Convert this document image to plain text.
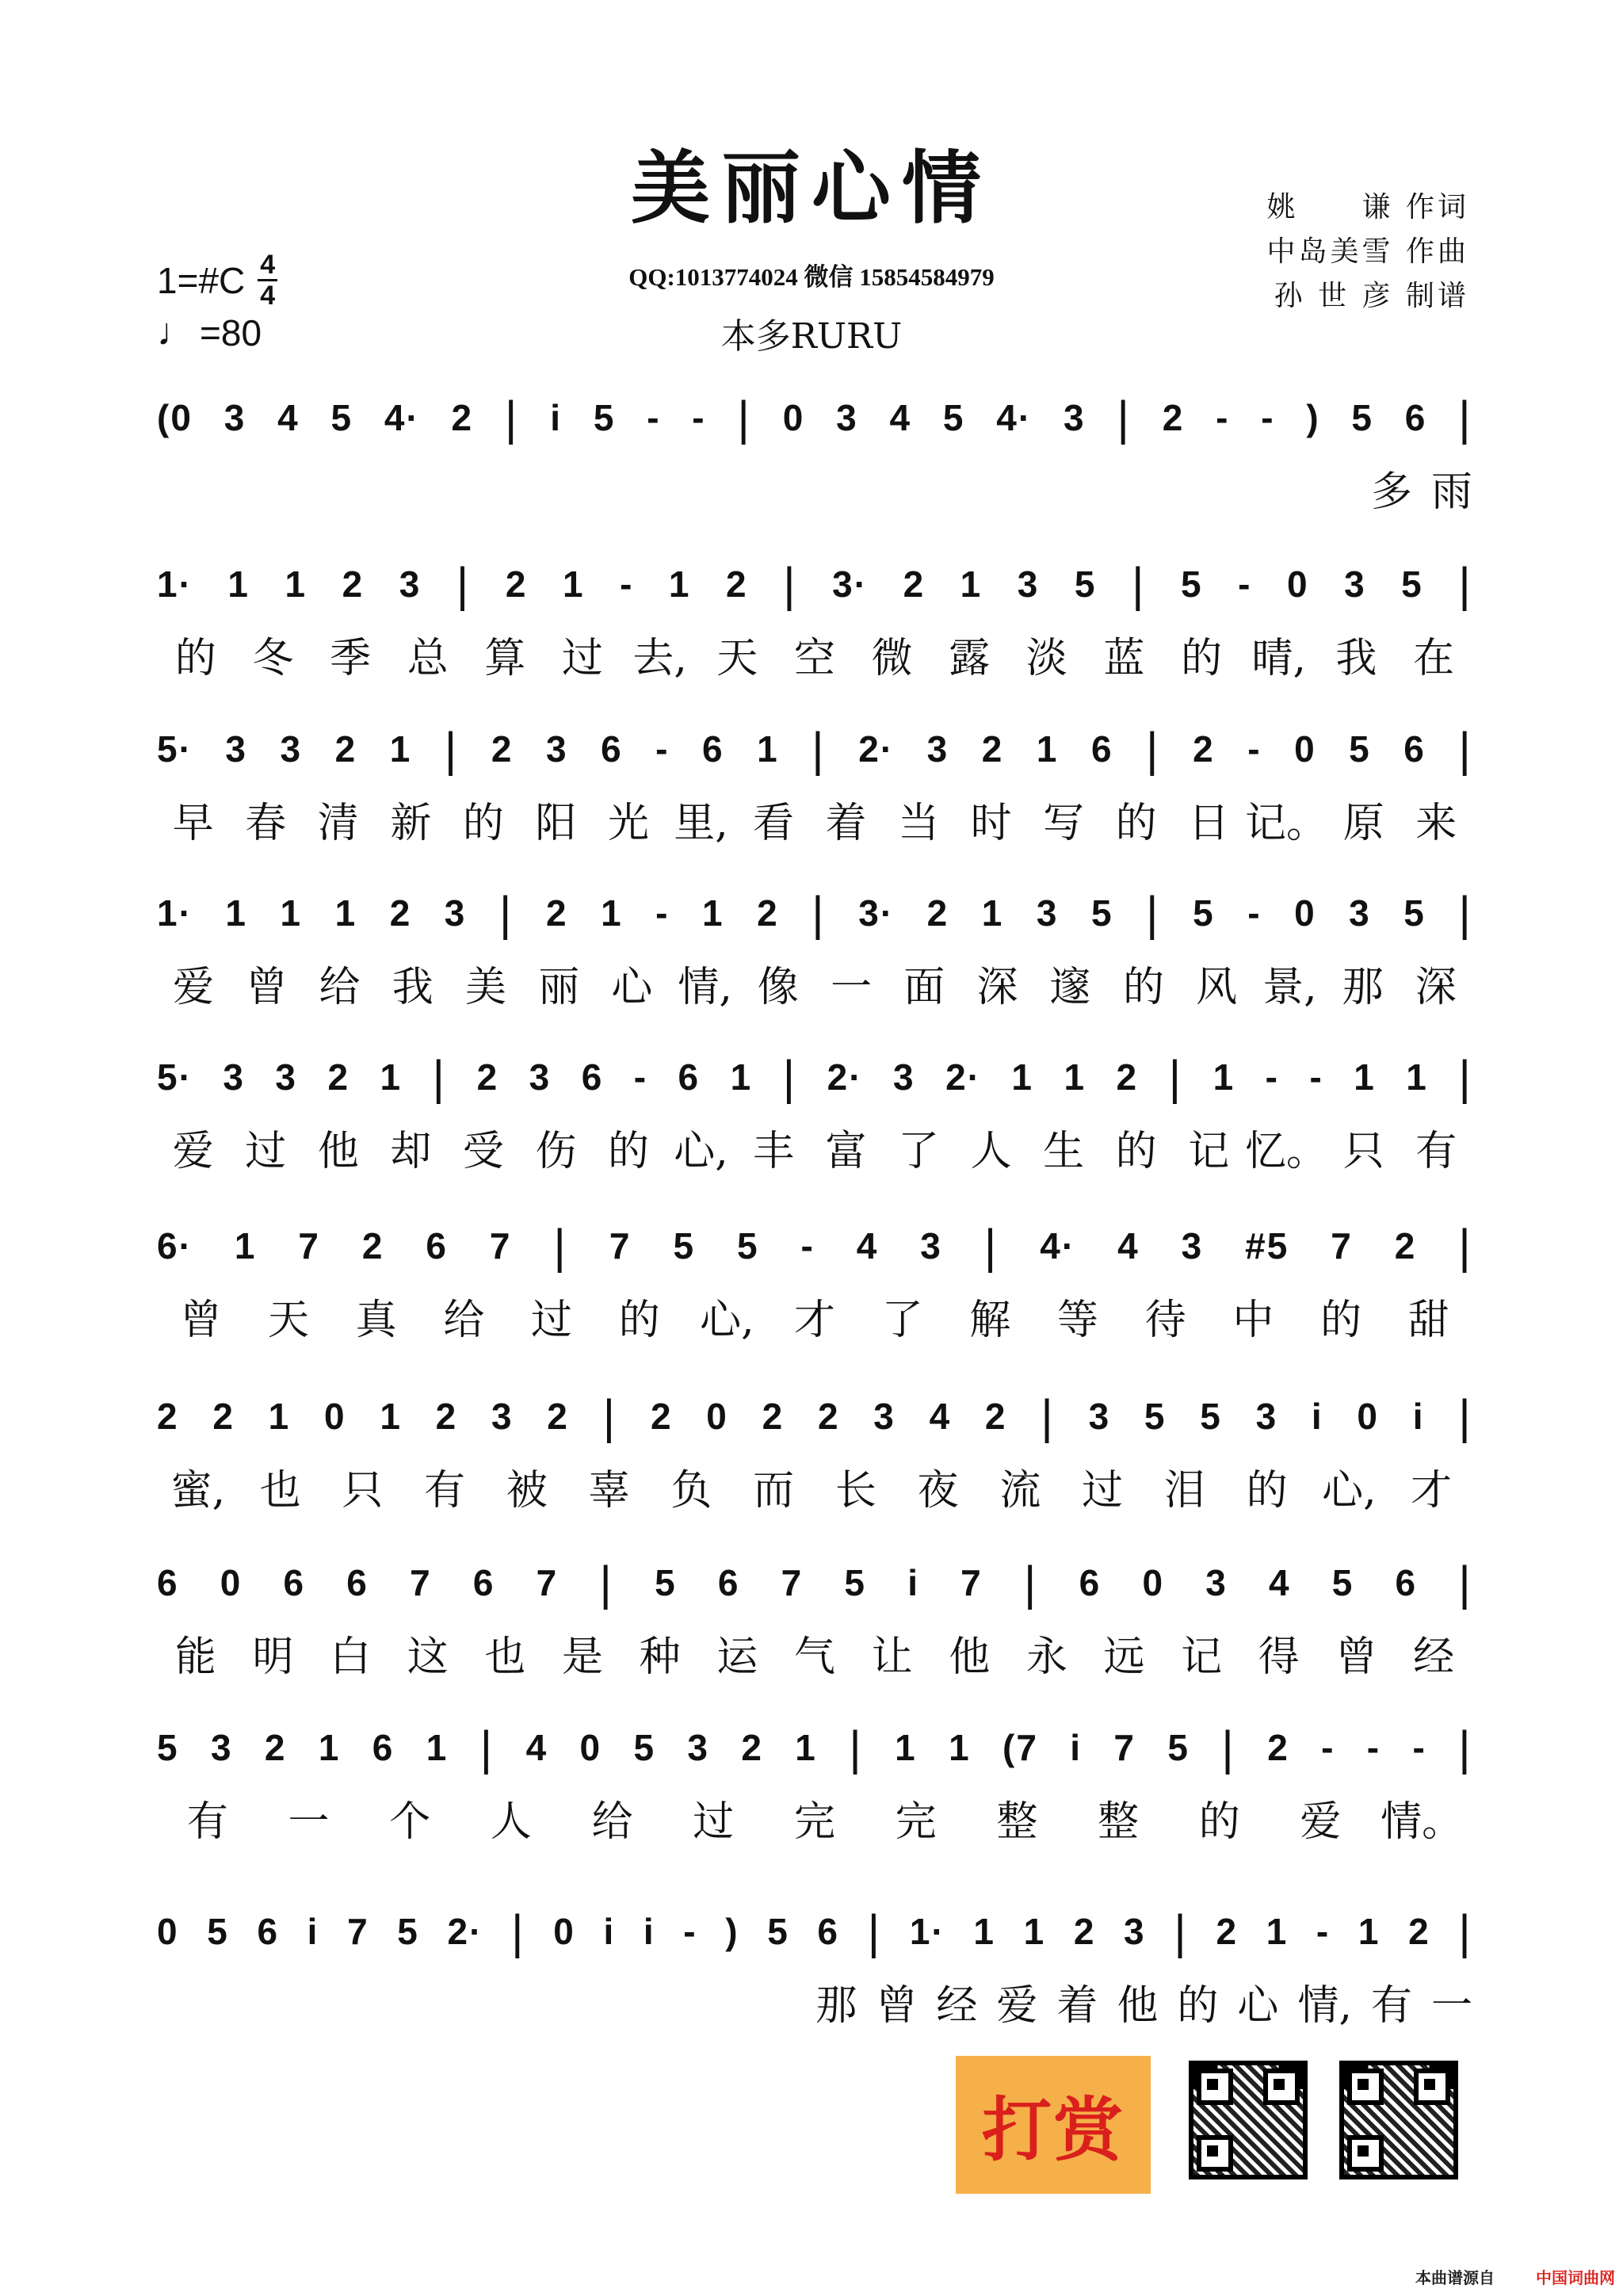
美丽心情
QQ:1013774024 微信 15854584979
本多RURU
姚　　谦 作词
中岛美雪 作曲
孙 世 彦 制谱
1=#C 4
4
♩ =80
(0 3 4 5 4· 2 | i 5 - - | 0 3 4 5 4· 3 | 2 - - ) 5 6 |
多 雨
1· 1 1 2 3 | 2 1 - 1 2 | 3· 2 1 3 5 | 5 - 0 3 5 |
的 冬 季 总 算 过 去, 天 空 微 露 淡 蓝 的 晴, 我 在
5· 3 3 2 1 | 2 3 6 - 6 1 | 2· 3 2 1 6 | 2 - 0 5 6 |
早 春 清 新 的 阳 光 里, 看 着 当 时 写 的 日 记。 原 来
1· 1 1 1 2 3 | 2 1 - 1 2 | 3· 2 1 3 5 | 5 - 0 3 5 |
爱 曾 给 我 美 丽 心 情, 像 一 面 深 邃 的 风 景, 那 深
5· 3 3 2 1 | 2 3 6 - 6 1 | 2· 3 2· 1 1 2 | 1 - - 1 1 |
爱 过 他 却 受 伤 的 心, 丰 富 了 人 生 的 记 忆。 只 有
6· 1 7 2 6 7 | 7 5 5 - 4 3 | 4· 4 3 #5 7 2 |
曾	天	真	给	过	的 心, 才	了	解	等	待	中	的	甜
2 2 1 0 1 2 3 2 | 2 0 2 2 3 4 2 | 3 5 5 3 i 0 i |
蜜, 也 只 有 被 辜 负 而 长 夜 流 过 泪 的 心, 才
6 0 6 6 7 6 7 | 5 6 7 5 i 7 | 6 0 3 4 5 6 |
能 明 白 这 也 是 种 运 气 让 他 永 远 记 得 曾 经
5 3 2 1 6 1 | 4 0 5 3 2 1 | 1 1 (7 i 7 5 | 2 - - - |
有	一	个	人	给	过	完	完	整	整	的	爱 情。
0 5 6 i 7 5 2· | 0 i i - ) 5 6 | 1· 1 1 2 3 | 2 1 - 1 2 |
那 曾 经 爱 着 他 的 心 情, 有 一
打赏
本曲谱源自	中国词曲网
